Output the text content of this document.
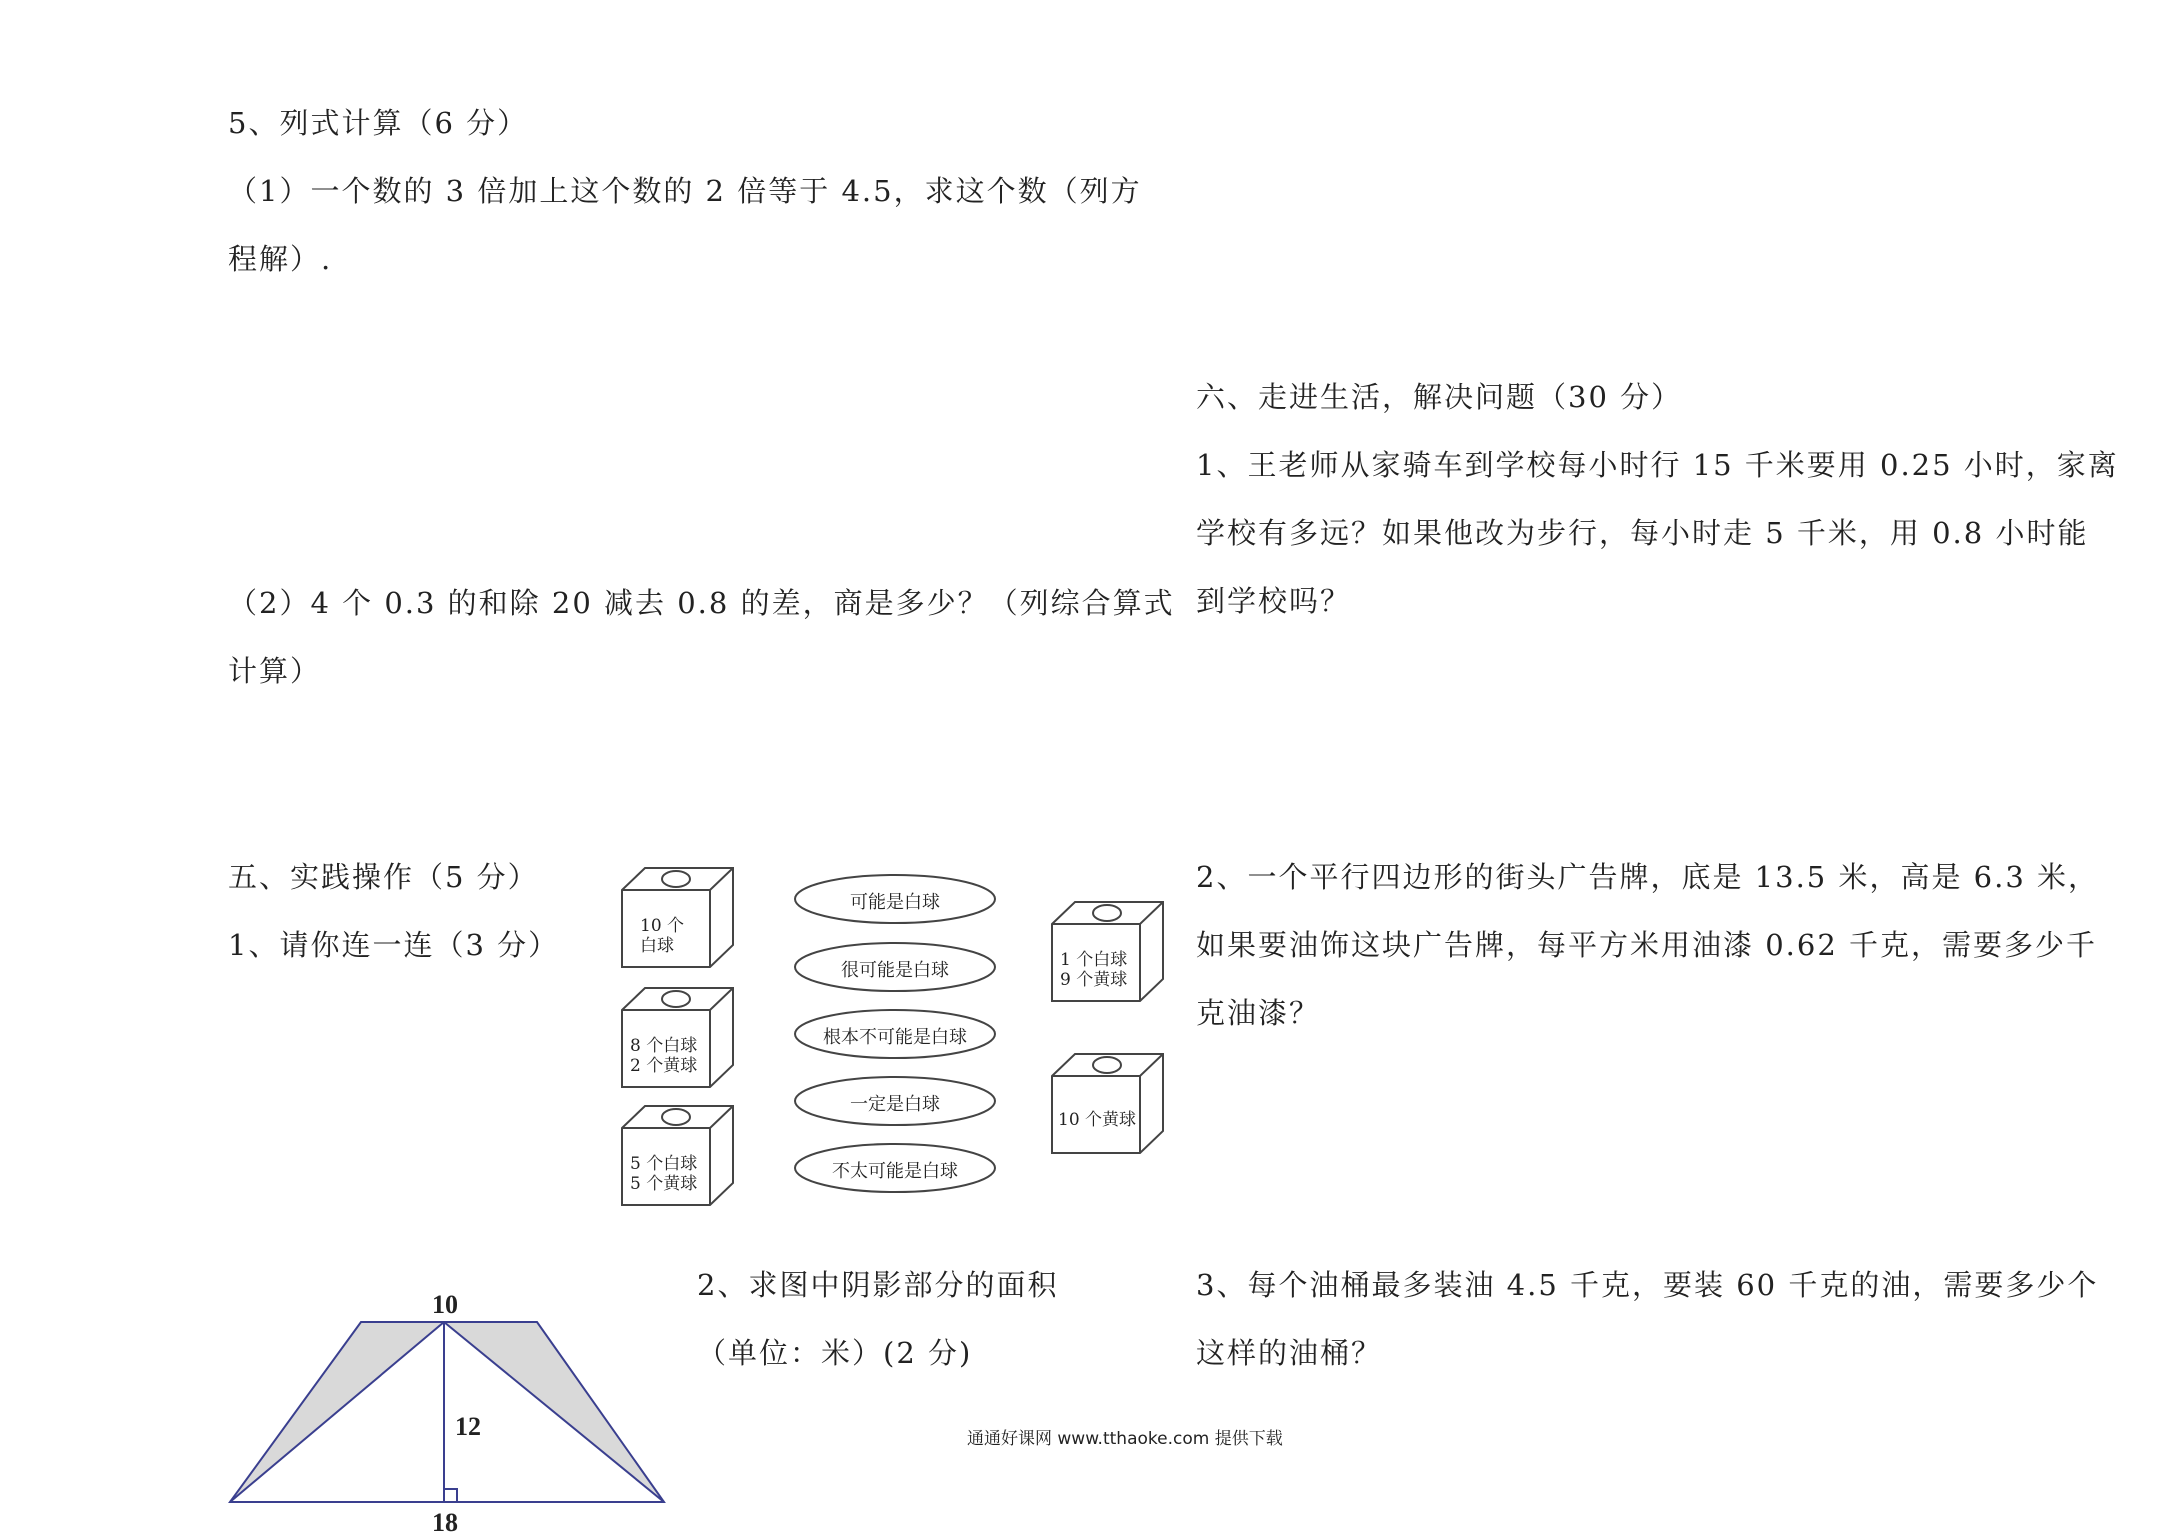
5、列式计算（6 分）
（1）一个数的 3 倍加上这个数的 2 倍等于 4.5，求这个数（列方
程解）.
（2）4 个 0.3 的和除 20 减去 0.8 的差，商是多少？（列综合算式
计算）
五、实践操作（5 分）
1、请你连一连（3 分）
2、求图中阴影部分的面积
（单位：米）(2 分)
10 个
白球
8 个白球
2 个黄球
5 个白球
5 个黄球
1 个白球
9 个黄球
10 个黄球
可能是白球
很可能是白球
根本不可能是白球
一定是白球
不太可能是白球
10
12
18
六、走进生活，解决问题（30 分）
1、王老师从家骑车到学校每小时行 15 千米要用 0.25 小时，家离
学校有多远？如果他改为步行，每小时走 5 千米，用 0.8 小时能
到学校吗？
2、一个平行四边形的街头广告牌，底是 13.5 米，高是 6.3 米，
如果要油饰这块广告牌，每平方米用油漆 0.62 千克，需要多少千
克油漆？
3、每个油桶最多装油 4.5 千克，要装 60 千克的油，需要多少个
这样的油桶？
通通好课网 www.tthaoke.com 提供下载
